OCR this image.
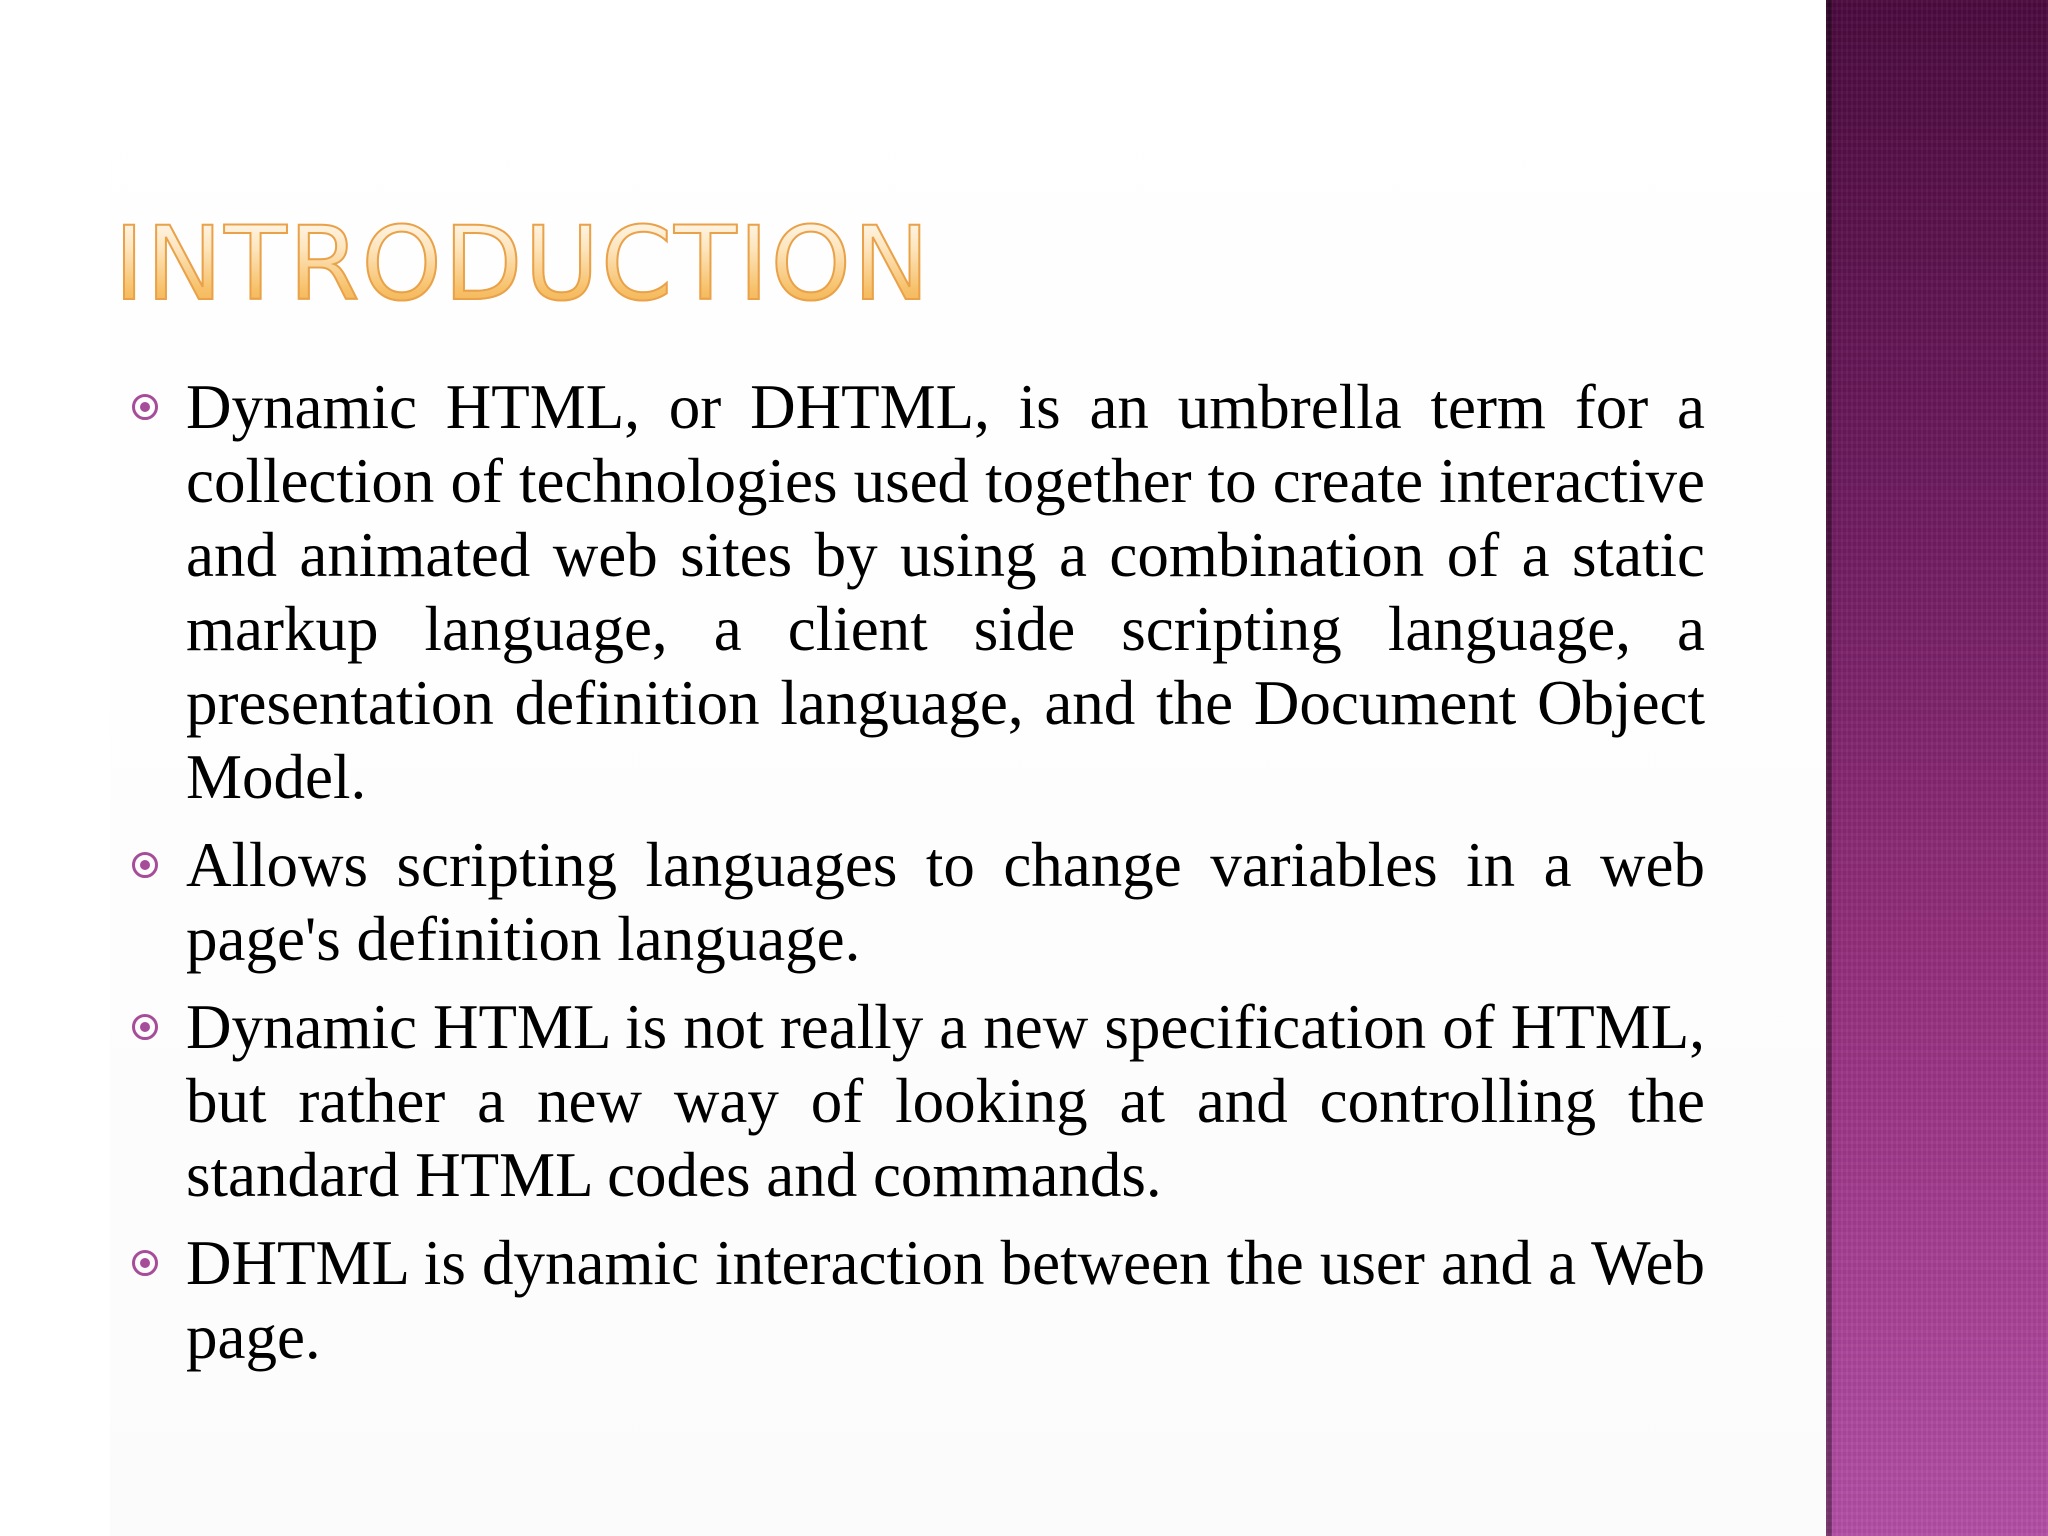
INTRODUCTION
Dynamic HTML, or DHTML, is an umbrella term for a collection of technologies used together to create interactive and animated web sites by using a combination of a static markup language, a client side scripting language, a presentation definition language, and the Document Object Model.
Allows scripting languages to change variables in a web page's definition language.
Dynamic HTML is not really a new specification of HTML, but rather a new way of looking at and controlling the standard HTML codes and commands.
DHTML is dynamic interaction between the user and a Web page.
